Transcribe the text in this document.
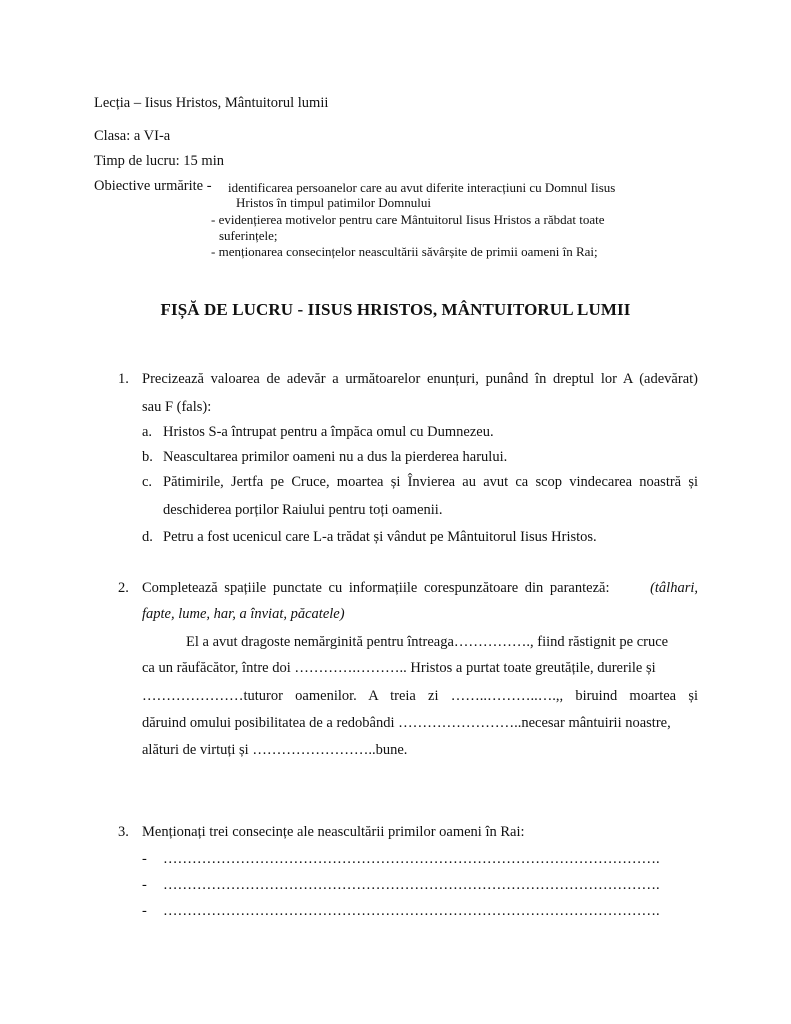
Lecția – Iisus Hristos, Mântuitorul lumii
Clasa: a VI-a
Timp de lucru: 15 min
Obiective urmărite - identificarea persoanelor care au avut diferite interacțiuni cu Domnul Iisus
Hristos în timpul patimilor Domnului
- evidențierea motivelor pentru care Mântuitorul Iisus Hristos a răbdat toate
suferințele;
- menționarea consecințelor neascultării săvârșite de primii oameni în Rai;
FIȘĂ DE LUCRU - IISUS HRISTOS, MÂNTUITORUL LUMII
1. Precizează valoarea de adevăr a următoarelor enunțuri, punând în dreptul lor A (adevărat)
sau F (fals):
a. Hristos S-a întrupat pentru a împăca omul cu Dumnezeu.
b. Neascultarea primilor oameni nu a dus la pierderea harului.
c. Pătimirile, Jertfa pe Cruce, moartea și Învierea au avut ca scop vindecarea noastră și
deschiderea porților Raiului pentru toți oamenii.
d. Petru a fost ucenicul care L-a trădat și vândut pe Mântuitorul Iisus Hristos.
2. Completează spațiile punctate cu informațiile corespunzătoare din paranteză:	(tâlhari,
fapte, lume, har, a înviat, păcatele)
El a avut dragoste nemărginită pentru întreaga……………., fiind răstignit pe cruce
ca un răufăcător, între doi ………….……….. Hristos a purtat toate greutățile, durerile și
…………………tuturor oamenilor. A treia zi ……..………..….,, biruind moartea și
dăruind omului posibilitatea de a redobândi ……………………..necesar mântuirii noastre,
alături de virtuți și ……………………..bune.
3. Menționați trei consecințe ale neascultării primilor oameni în Rai:
- ………………………………………………………………………………………….
- ………………………………………………………………………………………….
- ………………………………………………………………………………………….
